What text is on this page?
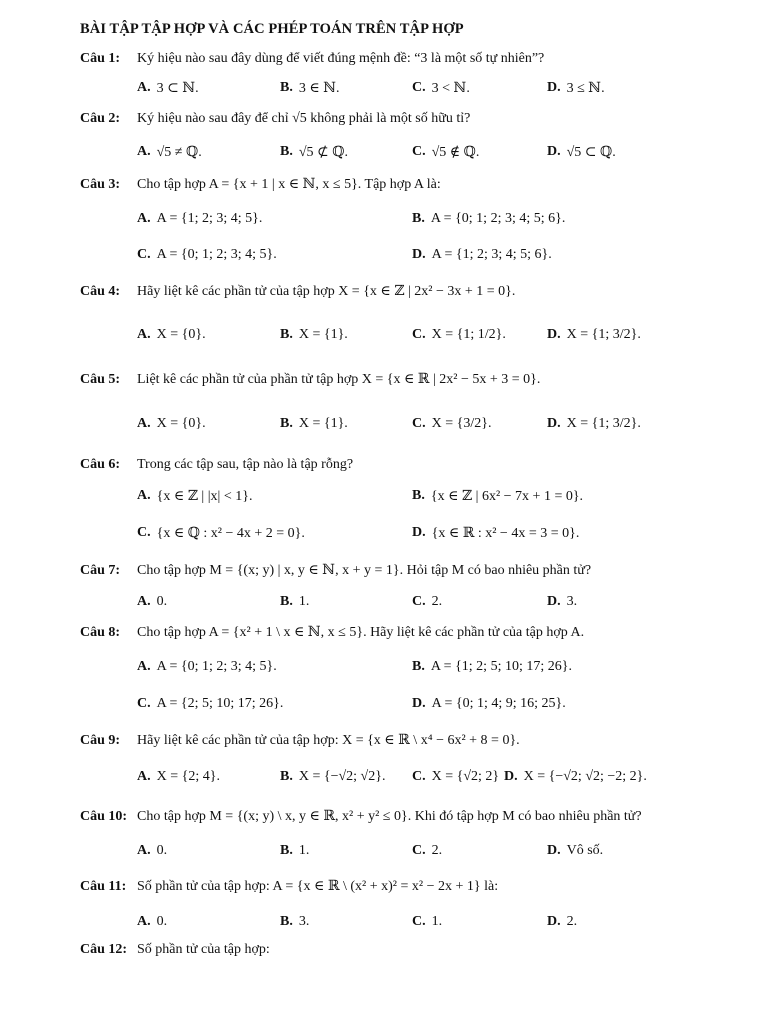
BÀI TẬP TẬP HỢP VÀ CÁC PHÉP TOÁN TRÊN TẬP HỢP
Câu 1: Ký hiệu nào sau đây dùng để viết đúng mệnh đề: “3 là một số tự nhiên”?
A. 3 ⊂ ℕ.	B. 3 ∈ ℕ.	C. 3 < ℕ.	D. 3 ≤ ℕ.
Câu 2: Ký hiệu nào sau đây để chỉ √5 không phải là một số hữu tỉ?
A. √5 ≠ ℚ.	B. √5 ⊄ ℚ.	C. √5 ∉ ℚ.	D. √5 ⊂ ℚ.
Câu 3: Cho tập hợp A = {x + 1 | x ∈ ℕ, x ≤ 5}. Tập hợp A là:
A. A = {1; 2; 3; 4; 5}.	B. A = {0; 1; 2; 3; 4; 5; 6}.
C. A = {0; 1; 2; 3; 4; 5}.	D. A = {1; 2; 3; 4; 5; 6}.
Câu 4: Hãy liệt kê các phần tử của tập hợp X = {x ∈ ℤ | 2x² − 3x + 1 = 0}.
A. X = {0}.	B. X = {1}.	C. X = {1; 1/2}.	D. X = {1; 3/2}.
Câu 5: Liệt kê các phần tử của phần tử tập hợp X = {x ∈ ℝ | 2x² − 5x + 3 = 0}.
A. X = {0}.	B. X = {1}.	C. X = {3/2}.	D. X = {1; 3/2}.
Câu 6: Trong các tập sau, tập nào là tập rỗng?
A. {x ∈ ℤ | |x| < 1}.	B. {x ∈ ℤ | 6x² − 7x + 1 = 0}.
C. {x ∈ ℚ : x² − 4x + 2 = 0}.	D. {x ∈ ℝ : x² − 4x = 3 = 0}.
Câu 7: Cho tập hợp M = {(x; y) | x, y ∈ ℕ, x + y = 1}. Hỏi tập M có bao nhiêu phần tử?
A. 0.	B. 1.	C. 2.	D. 3.
Câu 8: Cho tập hợp A = {x² + 1 \ x ∈ ℕ, x ≤ 5}. Hãy liệt kê các phần tử của tập hợp A.
A. A = {0; 1; 2; 3; 4; 5}.	B. A = {1; 2; 5; 10; 17; 26}.
C. A = {2; 5; 10; 17; 26}.	D. A = {0; 1; 4; 9; 16; 25}.
Câu 9: Hãy liệt kê các phần tử của tập hợp: X = {x ∈ ℝ \ x⁴ − 6x² + 8 = 0}.
A. X = {2; 4}.	B. X = {−√2; √2}. C. X = {√2; 2} D. X = {−√2; √2; −2; 2}.
Câu 10: Cho tập hợp M = {(x; y) \ x, y ∈ ℝ, x² + y² ≤ 0}. Khi đó tập hợp M có bao nhiêu phần tử?
A. 0.	B. 1.	C. 2.	D. Vô số.
Câu 11: Số phần tử của tập hợp: A = {x ∈ ℝ \ (x² + x)² = x² − 2x + 1} là:
A. 0.	B. 3.	C. 1.	D. 2.
Câu 12: Số phần tử của tập hợp:
